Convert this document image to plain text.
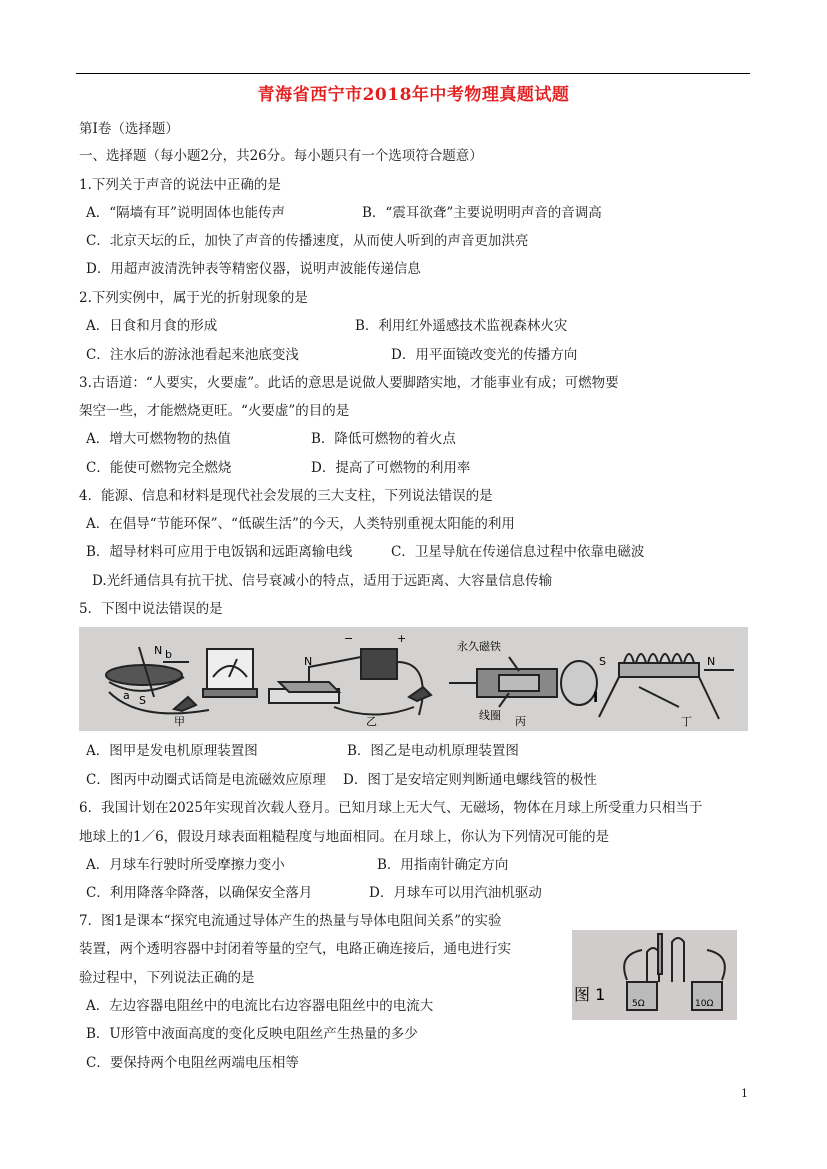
青海省西宁市2018年中考物理真题试题
第Ⅰ卷（选择题）
一、选择题（每小题2分，共26分。每小题只有一个选项符合题意）
1.下列关于声音的说法中正确的是
A．“隔墙有耳”说明固体也能传声	B．“震耳欲聋”主要说明明声音的音调高
C．北京天坛的丘，加快了声音的传播速度，从而使人听到的声音更加洪亮
D．用超声波清洗钟表等精密仪器，说明声波能传递信息
2.下列实例中，属于光的折射现象的是
A．日食和月食的形成	B．利用红外遥感技术监视森林火灾
C．注水后的游泳池看起来池底变浅	D．用平面镜改变光的传播方向
3.古语道：“人要实，火要虚”。此话的意思是说做人要脚踏实地，才能事业有成；可燃物要
架空一些，才能燃烧更旺。“火要虚”的目的是
A．增大可燃物物的热值	B．降低可燃物的着火点
C．能使可燃物完全燃烧	D．提高了可燃物的利用率
4．能源、信息和材料是现代社会发展的三大支柱，下列说法错误的是
A．在倡导“节能环保”、“低碳生活”的今天，人类特别重视太阳能的利用
B．超导材料可应用于电饭锅和远距离输电线	C．卫星导航在传递信息过程中依靠电磁波
D.光纤通信具有抗干扰、信号衰减小的特点，适用于远距离、大容量信息传输
5．下图中说法错误的是
N b
a S
甲
−	+
N
乙
永久磁铁
线圈 丙
S	N
I
丁
A．图甲是发电机原理装置图	B．图乙是电动机原理装置图
C．图丙中动圈式话筒是电流磁效应原理 D．图丁是安培定则判断通电螺线管的极性
6．我国计划在2025年实现首次载人登月。已知月球上无大气、无磁场，物体在月球上所受重力只相当于
地球上的1／6，假设月球表面粗糙程度与地面相同。在月球上，你认为下列情况可能的是
A．月球车行驶时所受摩擦力变小	B．用指南针确定方向
C．利用降落伞降落，以确保安全落月	D．月球车可以用汽油机驱动
7．图1是课本“探究电流通过导体产生的热量与导体电阻间关系”的实验
装置，两个透明容器中封闭着等量的空气，电路正确连接后，通电进行实
验过程中，下列说法正确的是
图 1	5Ω	10Ω
A．左边容器电阻丝中的电流比右边容器电阻丝中的电流大
B．U形管中液面高度的变化反映电阻丝产生热量的多少
C．要保持两个电阻丝两端电压相等
1
